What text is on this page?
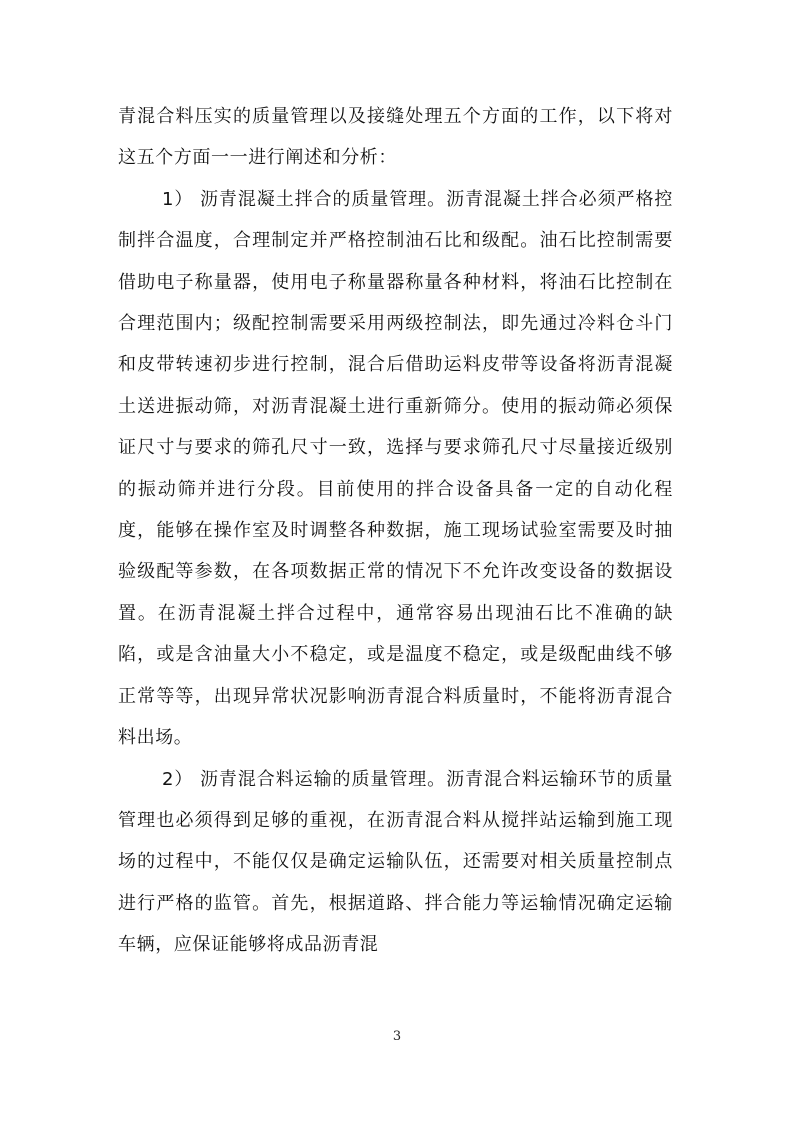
青混合料压实的质量管理以及接缝处理五个方面的工作，以下将对这五个方面一一进行阐述和分析：

1） 沥青混凝土拌合的质量管理。沥青混凝土拌合必须严格控制拌合温度，合理制定并严格控制油石比和级配。油石比控制需要借助电子称量器，使用电子称量器称量各种材料，将油石比控制在合理范围内；级配控制需要采用两级控制法，即先通过冷料仓斗门和皮带转速初步进行控制，混合后借助运料皮带等设备将沥青混凝土送进振动筛，对沥青混凝土进行重新筛分。使用的振动筛必须保证尺寸与要求的筛孔尺寸一致，选择与要求筛孔尺寸尽量接近级别的振动筛并进行分段。目前使用的拌合设备具备一定的自动化程度，能够在操作室及时调整各种数据，施工现场试验室需要及时抽验级配等参数，在各项数据正常的情况下不允许改变设备的数据设置。在沥青混凝土拌合过程中，通常容易出现油石比不准确的缺陷，或是含油量大小不稳定，或是温度不稳定，或是级配曲线不够正常等等，出现异常状况影响沥青混合料质量时，不能将沥青混合料出场。

2） 沥青混合料运输的质量管理。沥青混合料运输环节的质量管理也必须得到足够的重视，在沥青混合料从搅拌站运输到施工现场的过程中，不能仅仅是确定运输队伍，还需要对相关质量控制点进行严格的监管。首先，根据道路、拌合能力等运输情况确定运输车辆，应保证能够将成品沥青混

3
